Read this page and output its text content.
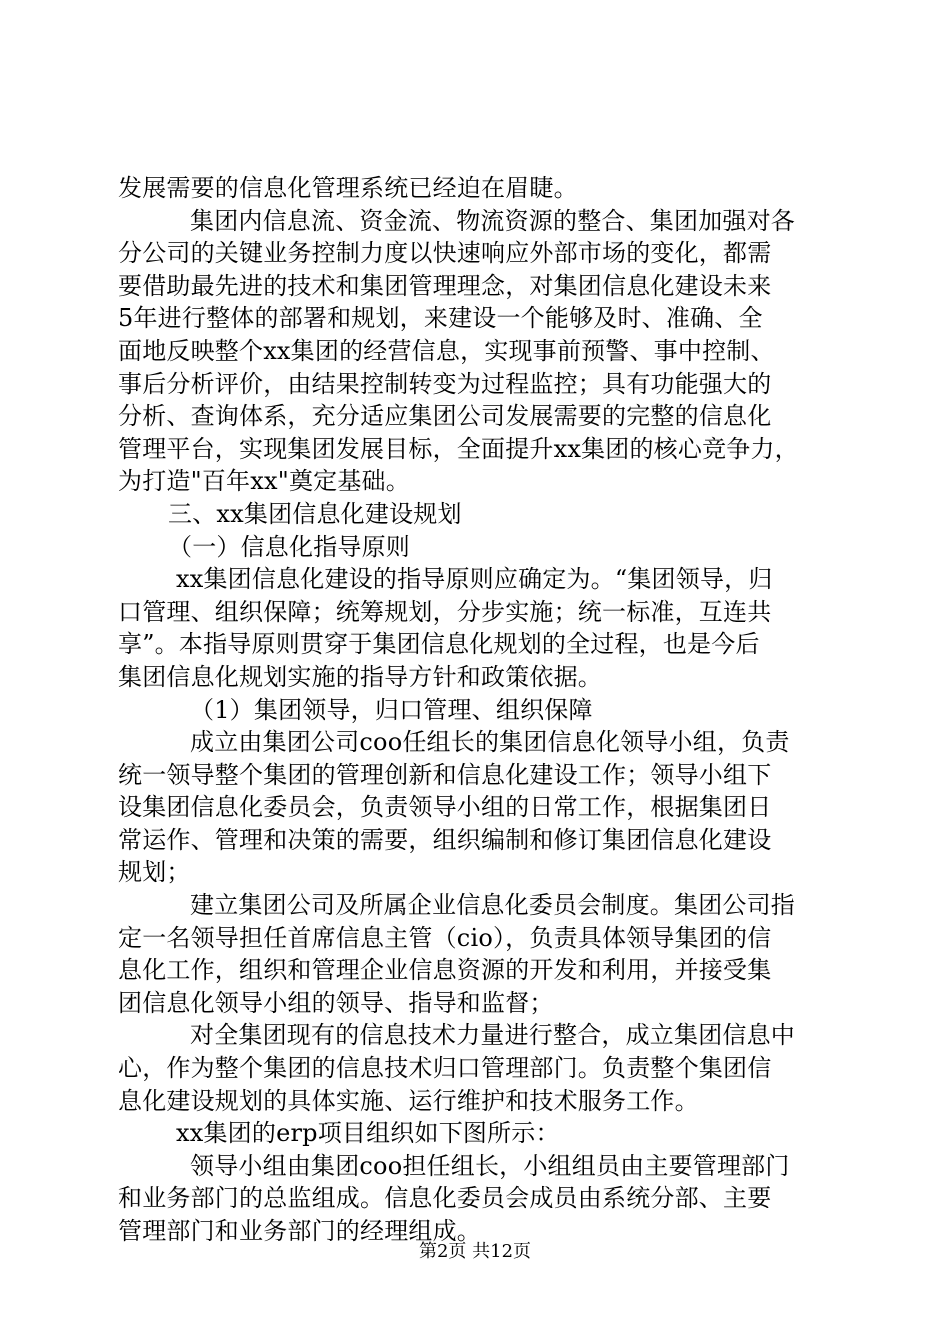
发展需要的信息化管理系统已经迫在眉睫。
集团内信息流、资金流、物流资源的整合、集团加强对各
分公司的关键业务控制力度以快速响应外部市场的变化，都需
要借助最先进的技术和集团管理理念，对集团信息化建设未来
5年进行整体的部署和规划，来建设一个能够及时、准确、全
面地反映整个xx集团的经营信息，实现事前预警、事中控制、
事后分析评价，由结果控制转变为过程监控；具有功能强大的
分析、查询体系，充分适应集团公司发展需要的完整的信息化
管理平台，实现集团发展目标，全面提升xx集团的核心竞争力，
为打造"百年xx"奠定基础。
三、xx集团信息化建设规划
（一）信息化指导原则
xx集团信息化建设的指导原则应确定为。“集团领导，归
口管理、组织保障；统筹规划，分步实施；统一标准，互连共
享”。本指导原则贯穿于集团信息化规划的全过程，也是今后
集团信息化规划实施的指导方针和政策依据。
（1）集团领导，归口管理、组织保障
成立由集团公司coo任组长的集团信息化领导小组，负责
统一领导整个集团的管理创新和信息化建设工作；领导小组下
设集团信息化委员会，负责领导小组的日常工作，根据集团日
常运作、管理和决策的需要，组织编制和修订集团信息化建设
规划；
建立集团公司及所属企业信息化委员会制度。集团公司指
定一名领导担任首席信息主管（cio），负责具体领导集团的信
息化工作，组织和管理企业信息资源的开发和利用，并接受集
团信息化领导小组的领导、指导和监督；
对全集团现有的信息技术力量进行整合，成立集团信息中
心，作为整个集团的信息技术归口管理部门。负责整个集团信
息化建设规划的具体实施、运行维护和技术服务工作。
xx集团的erp项目组织如下图所示：
领导小组由集团coo担任组长，小组组员由主要管理部门
和业务部门的总监组成。信息化委员会成员由系统分部、主要
管理部门和业务部门的经理组成。
第2页 共12页
